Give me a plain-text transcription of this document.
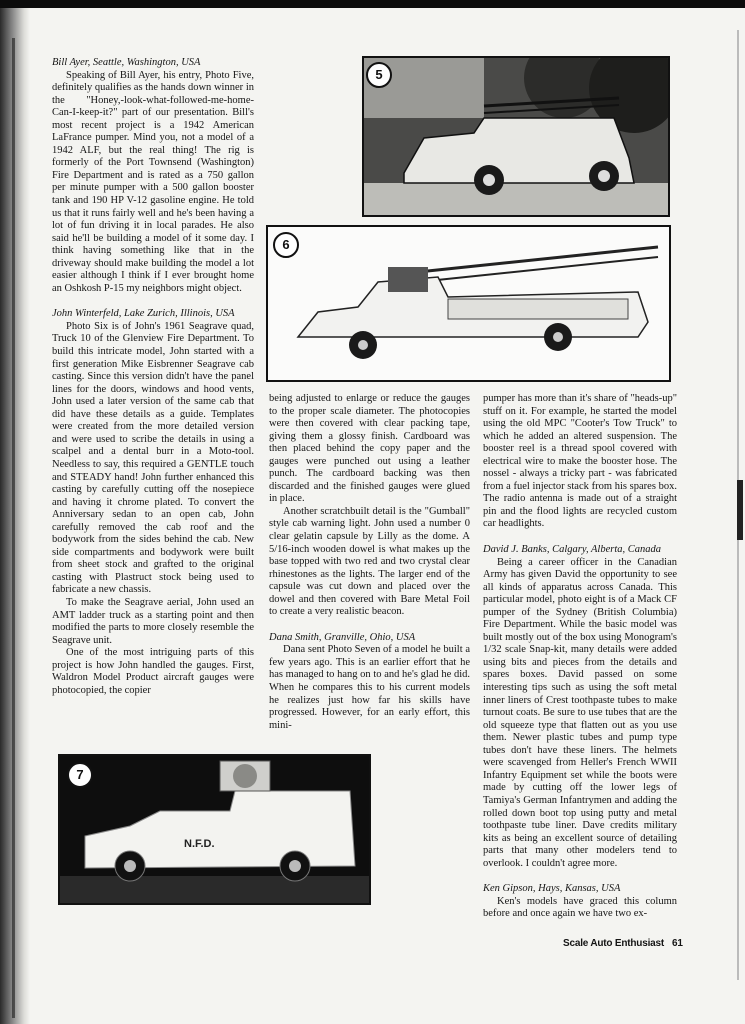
Bill Ayer, Seattle, Washington, USA

Speaking of Bill Ayer, his entry, Photo Five, definitely qualifies as the hands down winner in the "Honey,-look-what-followed-me-home-Can-I-keep-it?" part of our presentation. Bill's most recent project is a 1942 American LaFrance pumper. Mind you, not a model of a 1942 ALF, but the real thing! The rig is formerly of the Port Townsend (Washington) Fire Department and is rated as a 750 gallon per minute pumper with a 500 gallon booster tank and 190 HP V-12 gasoline engine. He told us that it runs fairly well and he's been having a lot of fun driving it in local parades. He also said he'll be building a model of it some day. I think having something like that in the driveway should make building the model a lot easier although I think if I ever brought home an Oshkosh P-15 my neighbors might object.

John Winterfeld, Lake Zurich, Illinois, USA

Photo Six is of John's 1961 Seagrave quad, Truck 10 of the Glenview Fire Department. To build this intricate model, John started with a first generation Mike Eisbrenner Seagrave cab casting. Since this version didn't have the panel lines for the doors, windows and hood vents, John used a later version of the same cab that did have these details as a guide. Templates were created from the more detailed version and were used to scribe the details in using a scalpel and a dental burr in a Moto-tool. Needless to say, this required a GENTLE touch and STEADY hand! John further enhanced this casting by carefully cutting off the nosepiece and having it chrome plated. To convert the Anniversary sedan to an open cab, John carefully removed the cab roof and the bodywork from the sides behind the cab. New side compartments and bodywork were built from sheet stock and grafted to the original casting with Plastruct stock being used to fabricate a new chassis.

To make the Seagrave aerial, John used an AMT ladder truck as a starting point and then modified the parts to more closely resemble the Seagrave unit.

One of the most intriguing parts of this project is how John handled the gauges. First, Waldron Model Product aircraft gauges were photocopied, the copier

being adjusted to enlarge or reduce the gauges to the proper scale diameter. The photocopies were then covered with clear packing tape, giving them a glossy finish. Cardboard was then placed behind the copy paper and the gauges were punched out using a leather punch. The cardboard backing was then discarded and the finished gauges were glued in place.

Another scratchbuilt detail is the "Gumball" style cab warning light. John used a number 0 clear gelatin capsule by Lilly as the dome. A 5/16-inch wooden dowel is what makes up the base topped with two red and two crystal clear rhinestones as the lights. The larger end of the capsule was cut down and placed over the dowel and then covered with Bare Metal Foil to create a very realistic beacon.

Dana Smith, Granville, Ohio, USA

Dana sent Photo Seven of a model he built a few years ago. This is an earlier effort that he has managed to hang on to and he's glad he did. When he compares this to his current models he realizes just how far his skills have progressed. However, for an early effort, this mini-

pumper has more than it's share of "heads-up" stuff on it. For example, he started the model using the old MPC "Cooter's Tow Truck" to which he added an altered suspension. The booster reel is a thread spool covered with electrical wire to make the booster hose. The nossel - always a tricky part - was fabricated from a fuel injector stack from his spares box. The radio antenna is made out of a straight pin and the flood lights are recycled custom car headlights.

David J. Banks, Calgary, Alberta, Canada

Being a career officer in the Canadian Army has given David the opportunity to see all kinds of apparatus across Canada. This particular model, photo eight is of a Mack CF pumper of the Sydney (British Columbia) Fire Department. While the basic model was built mostly out of the box using Monogram's 1/32 scale Snap-kit, many details were added using bits and pieces from the details and spares boxes. David passed on some interesting tips such as using the soft metal inner liners of Crest toothpaste tubes to make turnout coats. Be sure to use tubes that are the old squeeze type that flatten out as you use them. Newer plastic tubes and pump type tubes don't have these liners. The helmets were scavenged from Heller's French WWII Infantry Equipment set while the boots were made by cutting off the lower legs of Tamiya's German Infantrymen and adding the rolled down boot top using putty and metal toothpaste tube liner. Dave credits military kits as being an excellent source of detailing parts that many other modelers tend to overlook. I couldn't agree more.

Ken Gipson, Hays, Kansas, USA

Ken's models have graced this column before and once again we have two ex-

5
6
N.F.D.
7
Scale Auto Enthusiast 61
